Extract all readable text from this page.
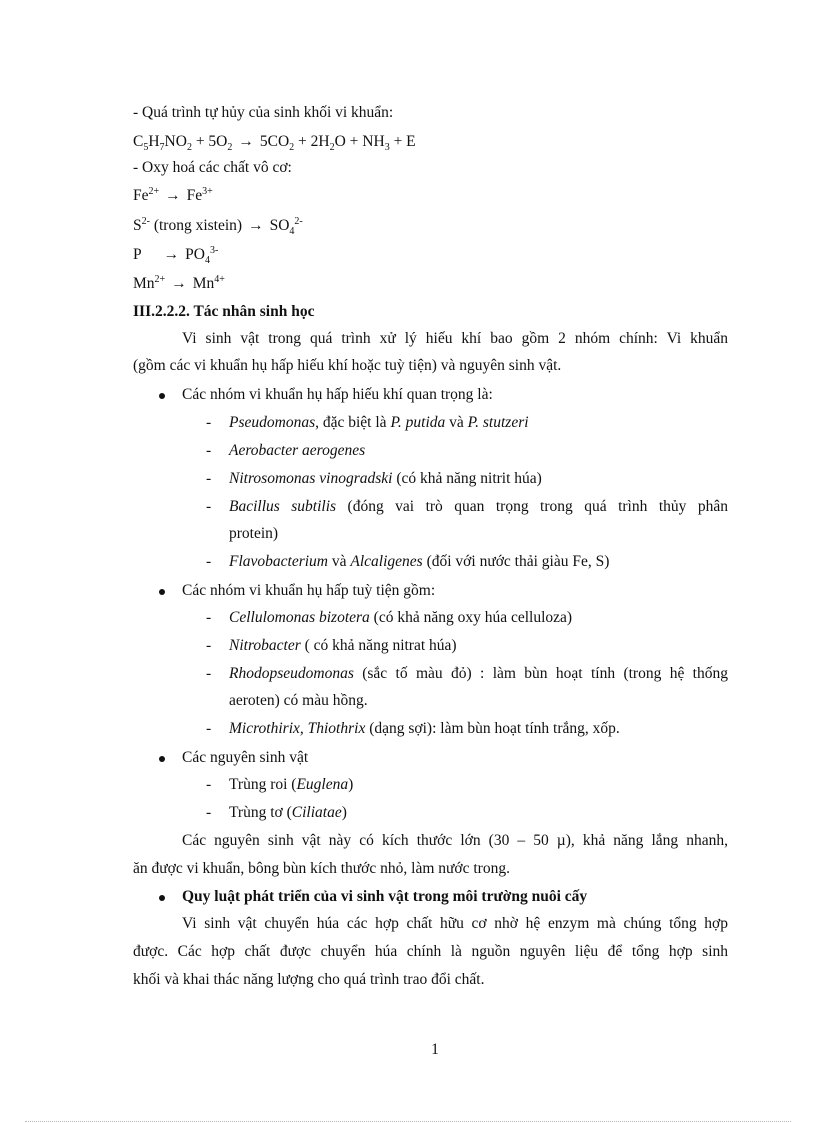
- Quá trình tự hủy của sinh khối vi khuẩn:
$C_5H_7NO_2 + 5O_2 \to 5CO_2 + 2H_2O + NH_3 + E$
- Oxy hoá các chất vô cơ:
$Fe^{2+} \to Fe^{3+}$
$S^{2-}$ (trong xistein) → $SO_4^{2-}$
$P \to PO_4^{3-}$
$Mn^{2+} \to Mn^{4+}$
III.2.2.2. Tác nhân sinh học
Vi sinh vật trong quá trình xử lý hiếu khí bao gồm 2 nhóm chính: Vi khuẩn
(gồm các vi khuẩn hụ hấp hiếu khí hoặc tuỳ tiện) và nguyên sinh vật.
Các nhóm vi khuẩn hụ hấp hiếu khí quan trọng là:
- Pseudomonas, đặc biệt là P. putida và P. stutzeri
- Aerobacter aerogenes
- Nitrosomonas vinogradski (có khả năng nitrit húa)
- Bacillus subtilis (đóng vai trò quan trọng trong quá trình thủy phân
protein)
- Flavobacterium và Alcaligenes (đối với nước thải giàu Fe, S)
Các nhóm vi khuẩn hụ hấp tuỳ tiện gồm:
- Cellulomonas bizotera (có khả năng oxy húa celluloza)
- Nitrobacter ( có khả năng nitrat húa)
- Rhodopseudomonas (sắc tố màu đỏ) : làm bùn hoạt tính (trong hệ thống
aeroten) có màu hồng.
- Microthirix, Thiothrix (dạng sợi): làm bùn hoạt tính trắng, xốp.
Các nguyên sinh vật
- Trùng roi (Euglena)
- Trùng tơ (Ciliatae)
Các nguyên sinh vật này có kích thước lớn (30 – 50 µ), khả năng lắng nhanh,
ăn được vi khuẩn, bông bùn kích thước nhỏ, làm nước trong.
Quy luật phát triển của vi sinh vật trong môi trường nuôi cấy
Vi sinh vật chuyển húa các hợp chất hữu cơ nhờ hệ enzym mà chúng tổng hợp
được. Các hợp chất được chuyển húa chính là nguồn nguyên liệu để tổng hợp sinh
khối và khai thác năng lượng cho quá trình trao đổi chất.
1
